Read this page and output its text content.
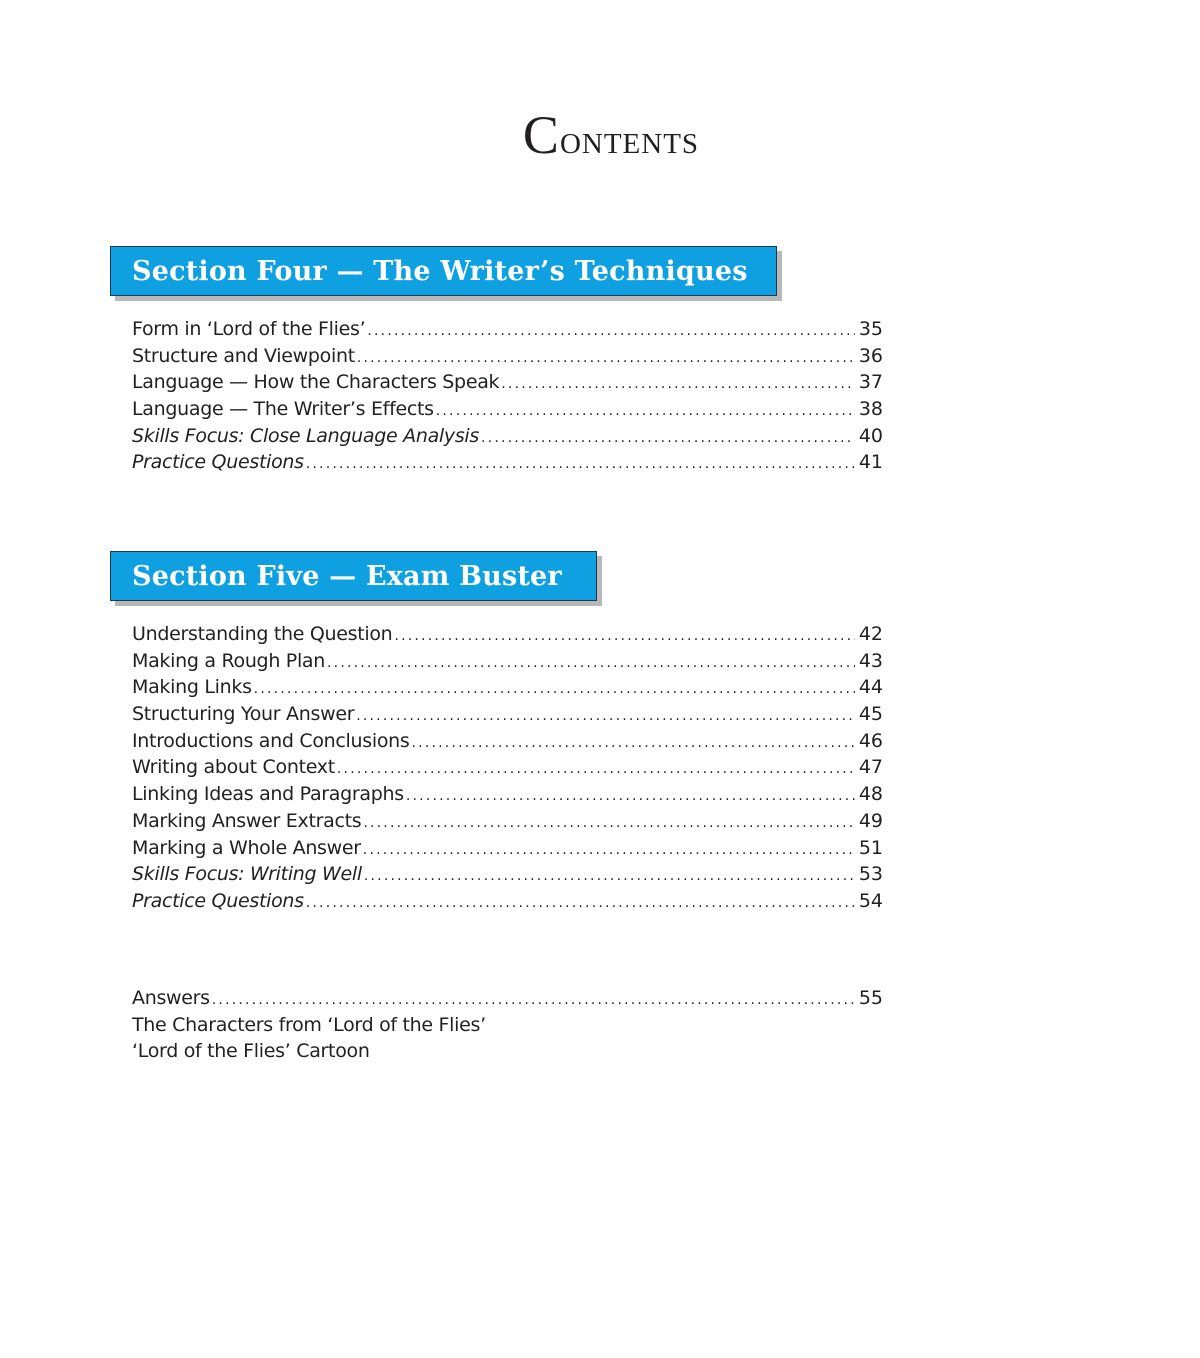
Contents
Section Four — The Writer’s Techniques
Form in ‘Lord of the Flies’ .....	35
Structure and Viewpoint .....	36
Language — How the Characters Speak .....	37
Language — The Writer’s Effects .....	38
Skills Focus: Close Language Analysis .....	40
Practice Questions .....	41
Section Five — Exam Buster
Understanding the Question .....	42
Making a Rough Plan .....	43
Making Links .....	44
Structuring Your Answer .....	45
Introductions and Conclusions .....	46
Writing about Context .....	47
Linking Ideas and Paragraphs .....	48
Marking Answer Extracts .....	49
Marking a Whole Answer .....	51
Skills Focus: Writing Well .....	53
Practice Questions .....	54
Answers .....	55
The Characters from ‘Lord of the Flies’
‘Lord of the Flies’ Cartoon
